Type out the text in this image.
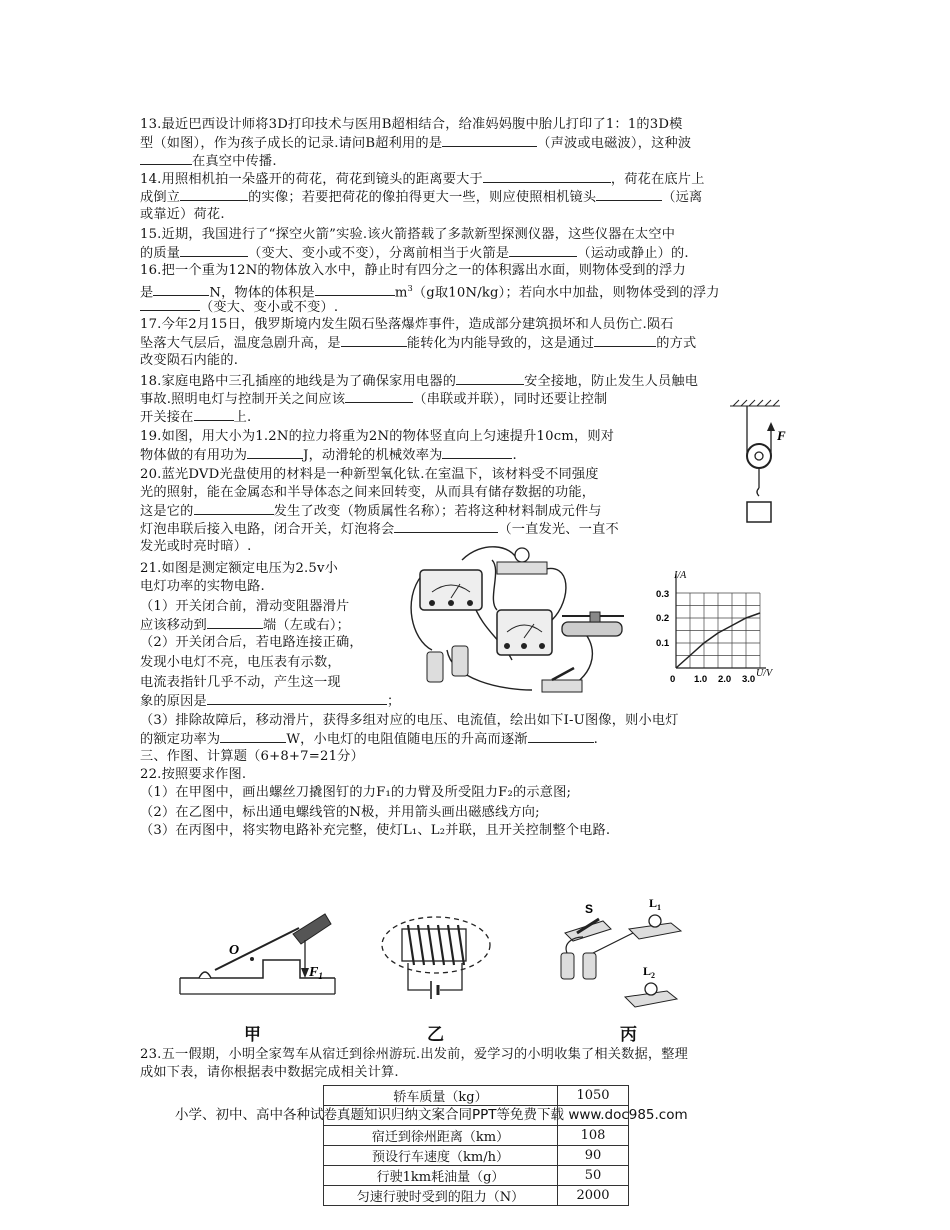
13.最近巴西设计师将3D打印技术与医用B超相结合，给准妈妈腹中胎儿打印了1：1的3D模
型（如图），作为孩子成长的记录.请问B超利用的是	（声波或电磁波），这种波
在真空中传播.
14.用照相机拍一朵盛开的荷花，荷花到镜头的距离要大于	，荷花在底片上
成倒立	的实像；若要把荷花的像拍得更大一些，则应使照相机镜头	（远离
或靠近）荷花.
15.近期，我国进行了“探空火箭”实验.该火箭搭载了多款新型探测仪器，这些仪器在太空中
的质量	（变大、变小或不变），分离前相当于火箭是	（运动或静止）的.
16.把一个重为12N的物体放入水中，静止时有四分之一的体积露出水面，则物体受到的浮力
是	N，物体的体积是	$m^3(g$取10N/kg）；若向水中加盐，则物体受到的浮力
（变大、变小或不变）.
17.今年2月15日，俄罗斯境内发生陨石坠落爆炸事件，造成部分建筑损坏和人员伤亡.陨石
坠落大气层后，温度急剧升高，是	能转化为内能导致的，这是通过	的方式
改变陨石内能的.
18.家庭电路中三孔插座的地线是为了确保家用电器的	安全接地，防止发生人员触电
事故.照明电灯与控制开关之间应该	（串联或并联），同时还要让控制
开关接在	上.
19.如图，用大小为1.2N的拉力将重为2N的物体竖直向上匀速提升10cm，则对
物体做的有用功为	J，动滑轮的机械效率为	.
20.蓝光DVD光盘使用的材料是一种新型氧化钛.在室温下，该材料受不同强度
光的照射，能在金属态和半导体态之间来回转变，从而具有储存数据的功能，
这是它的	发生了改变（物质属性名称）；若将这种材料制成元件与
灯泡串联后接入电路，闭合开关，灯泡将会	（一直发光、一直不
发光或时亮时暗）.
21.如图是测定额定电压为2.5v小
电灯功率的实物电路.
（1）开关闭合前，滑动变阻器滑片
应该移动到	端（左或右）；
（2）开关闭合后，若电路连接正确，
发现小电灯不亮，电压表有示数，
电流表指针几乎不动，产生这一现
象的原因是	；
（3）排除故障后，移动滑片，获得多组对应的电压、电流值，绘出如下I-U图像，则小电灯
的额定功率为	W，小电灯的电阻值随电压的升高而逐渐	.
三、作图、计算题（6+8+7=21分）
22.按照要求作图.
（1）在甲图中，画出螺丝刀撬图钉的力F₁的力臂及所受阻力F₂的示意图;
（2）在乙图中，标出通电螺线管的N极，并用箭头画出磁感线方向;
（3）在丙图中，将实物电路补充完整，使灯L₁、L₂并联，且开关控制整个电路.
23.五一假期，小明全家驾车从宿迁到徐州游玩.出发前，爱学习的小明收集了相关数据，整理
成如下表，请你根据表中数据完成相关计算.
F
I/A
U/V
0.3
0.2
0.1
0 1.0 2.0 3.0
O
$F_1$
S	$L_1$
$L_2$
甲	乙	丙
轿车质量（kg）	1050

宿迁到徐州距离（km）	108
预设行车速度（km/h）	90
行驶1km耗油量（g）	50
匀速行驶时受到的阻力（N）	2000
小学、初中、高中各种试卷真题知识归纳文案合同PPT等免费下载 www.doc985.com
